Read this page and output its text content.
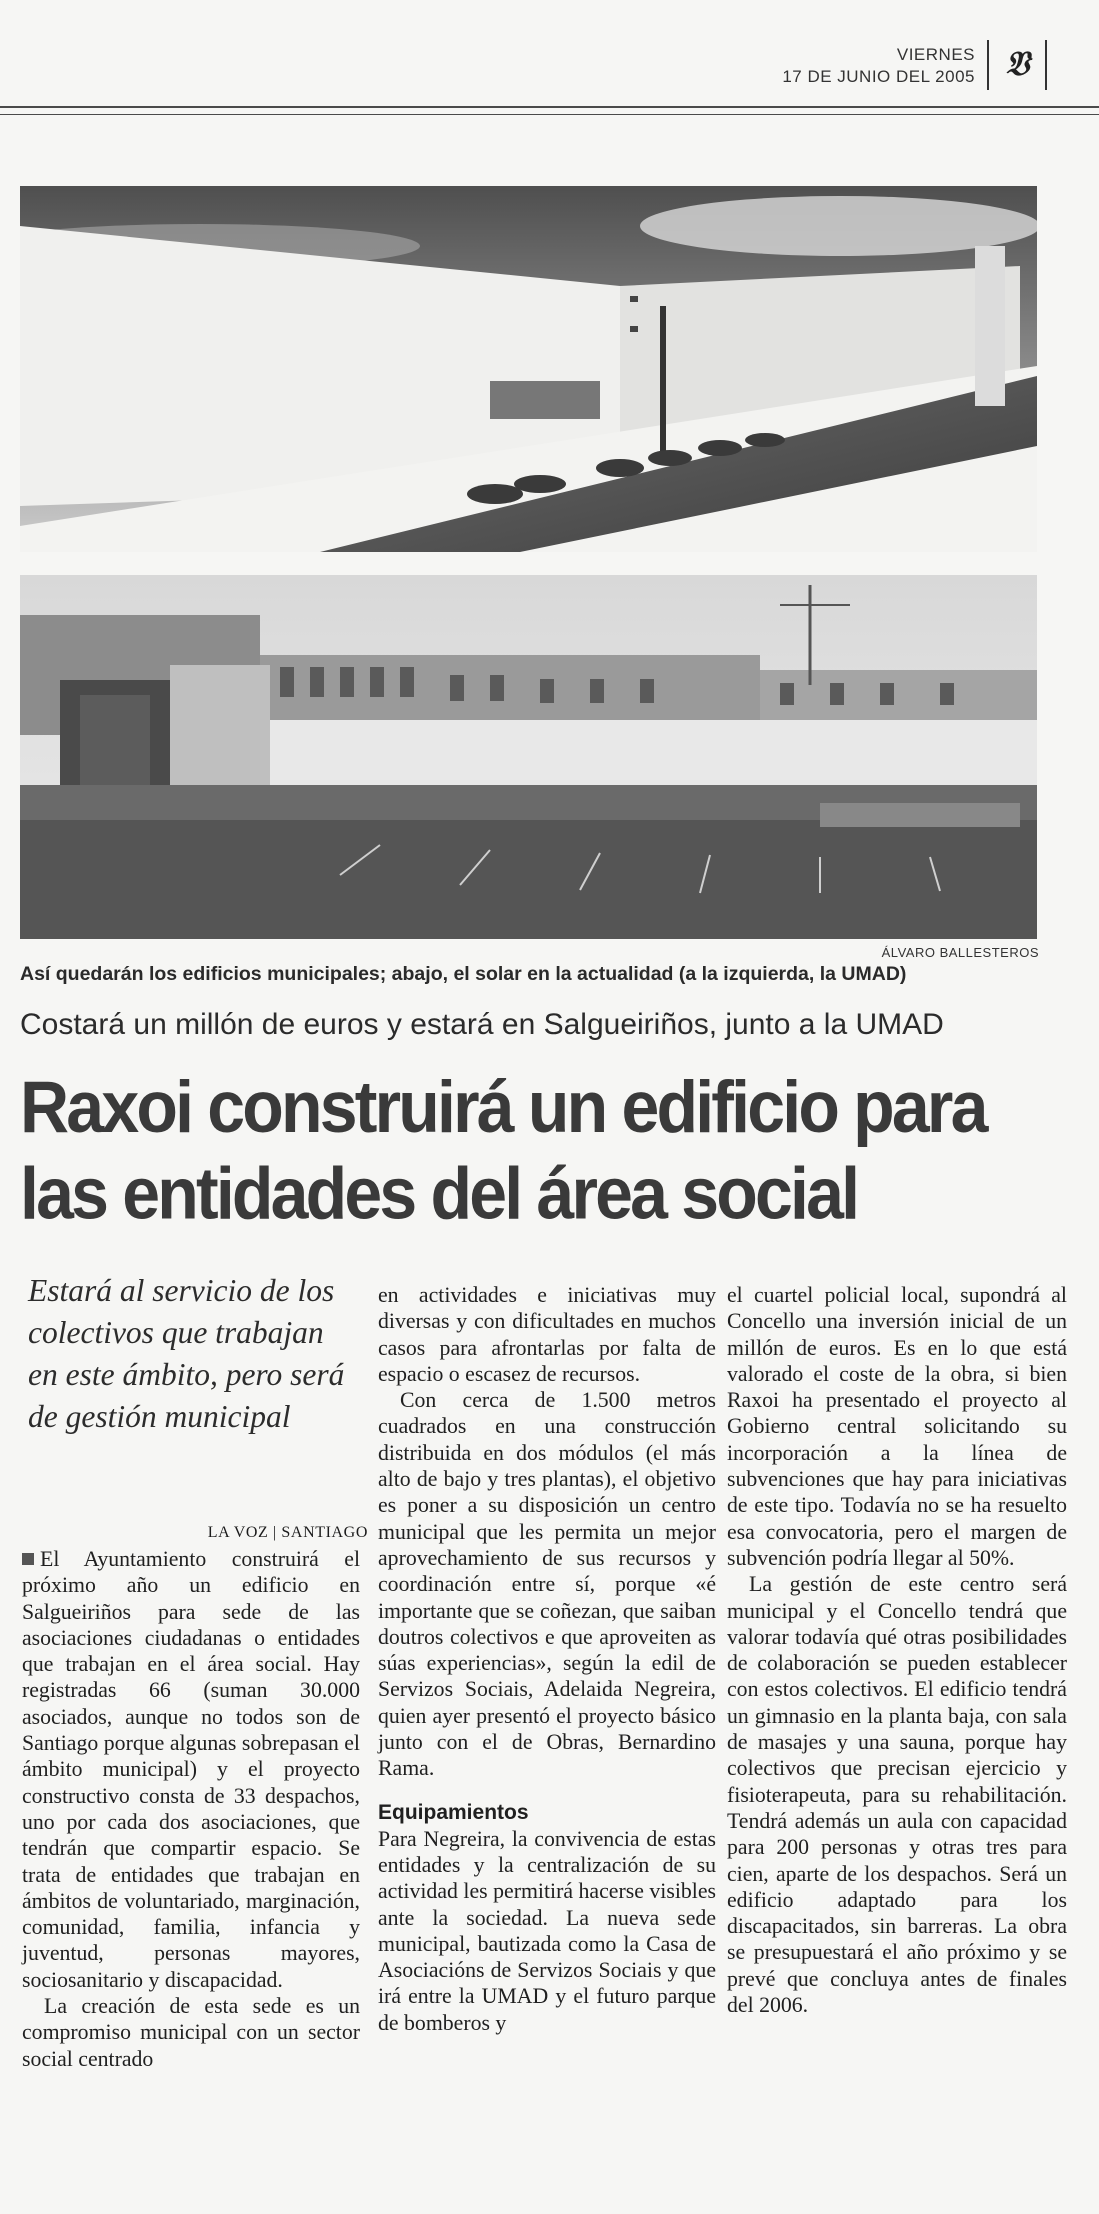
VIERNES
17 DE JUNIO DEL 2005 𝔙
ÁLVARO BALLESTEROS
Así quedarán los edificios municipales; abajo, el solar en la actualidad (a la izquierda, la UMAD)
Costará un millón de euros y estará en Salgueiriños, junto a la UMAD
Raxoi construirá un edificio para
las entidades del área social
Estará al servicio de los colectivos que trabajan en este ámbito, pero será de gestión municipal
LA VOZ | SANTIAGO

El Ayuntamiento construirá el próximo año un edificio en Salgueiriños para sede de las asociaciones ciudadanas o entidades que trabajan en el área social. Hay registradas 66 (suman 30.000 asociados, aunque no todos son de Santiago porque algunas sobrepasan el ámbito municipal) y el proyecto constructivo consta de 33 despachos, uno por cada dos asociaciones, que tendrán que compartir espacio. Se trata de entidades que trabajan en ámbitos de voluntariado, marginación, comunidad, familia, infancia y juventud, personas mayores, sociosanitario y discapacidad.

La creación de esta sede es un compromiso municipal con un sector social centrado

en actividades e iniciativas muy diversas y con dificultades en muchos casos para afrontarlas por falta de espacio o escasez de recursos.

Con cerca de 1.500 metros cuadrados en una construcción distribuida en dos módulos (el más alto de bajo y tres plantas), el objetivo es poner a su disposición un centro municipal que les permita un mejor aprovechamiento de sus recursos y coordinación entre sí, porque «é importante que se coñezan, que saiban doutros colectivos e que aproveiten as súas experiencias», según la edil de Servizos Sociais, Adelaida Negreira, quien ayer presentó el proyecto básico junto con el de Obras, Bernardino Rama.

Equipamientos

Para Negreira, la convivencia de estas entidades y la centralización de su actividad les permitirá hacerse visibles ante la sociedad. La nueva sede municipal, bautizada como la Casa de Asociacións de Servizos Sociais y que irá entre la UMAD y el futuro parque de bomberos y

el cuartel policial local, supondrá al Concello una inversión inicial de un millón de euros. Es en lo que está valorado el coste de la obra, si bien Raxoi ha presentado el proyecto al Gobierno central solicitando su incorporación a la línea de subvenciones que hay para iniciativas de este tipo. Todavía no se ha resuelto esa convocatoria, pero el margen de subvención podría llegar al 50%.

La gestión de este centro será municipal y el Concello tendrá que valorar todavía qué otras posibilidades de colaboración se pueden establecer con estos colectivos. El edificio tendrá un gimnasio en la planta baja, con sala de masajes y una sauna, porque hay colectivos que precisan ejercicio y fisioterapeuta, para su rehabilitación. Tendrá además un aula con capacidad para 200 personas y otras tres para cien, aparte de los despachos. Será un edificio adaptado para los discapacitados, sin barreras. La obra se presupuestará el año próximo y se prevé que concluya antes de finales del 2006.
